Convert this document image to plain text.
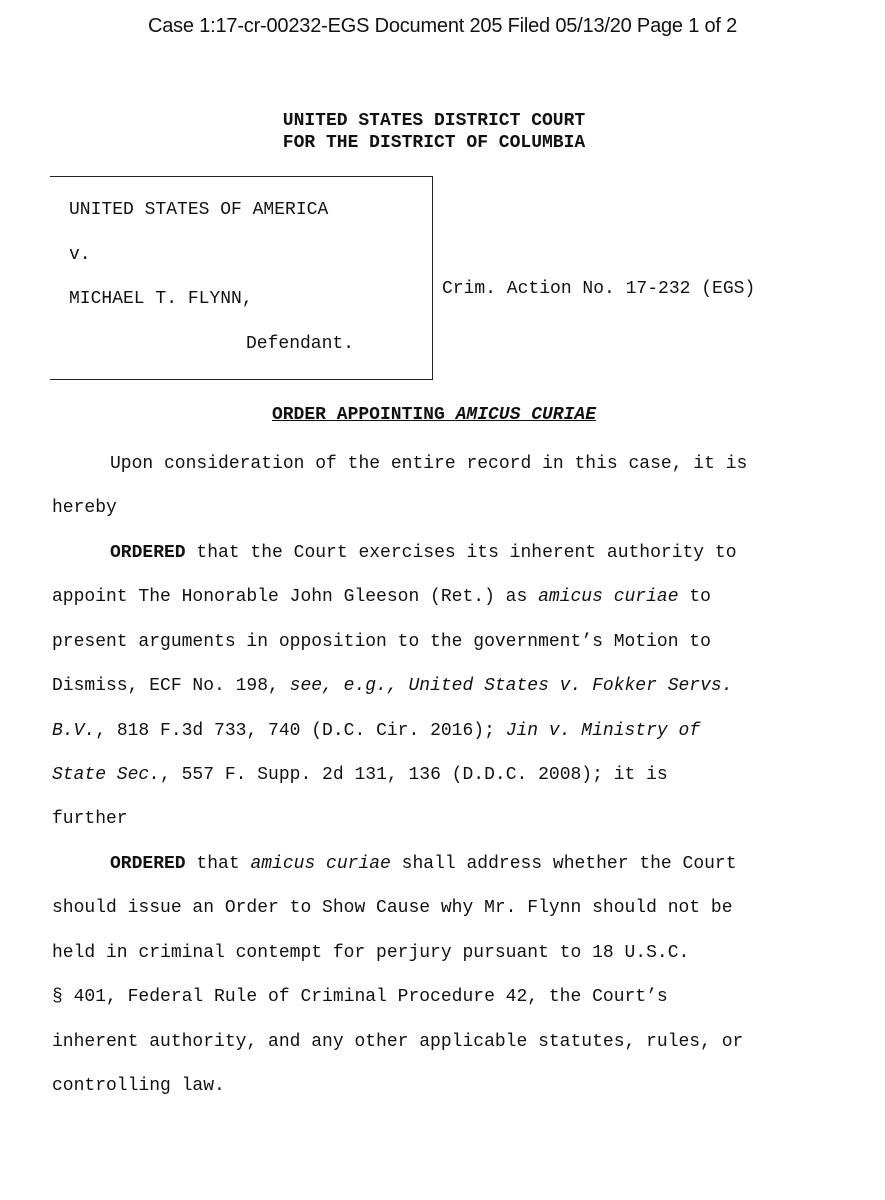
Case 1:17-cr-00232-EGS Document 205 Filed 05/13/20 Page 1 of 2
UNITED STATES DISTRICT COURT
FOR THE DISTRICT OF COLUMBIA
UNITED STATES OF AMERICA
v.
MICHAEL T. FLYNN,
Defendant.
Crim. Action No. 17-232 (EGS)
ORDER APPOINTING AMICUS CURIAE
Upon consideration of the entire record in this case, it is
hereby
ORDERED that the Court exercises its inherent authority to
appoint The Honorable John Gleeson (Ret.) as amicus curiae to
present arguments in opposition to the government’s Motion to
Dismiss, ECF No. 198, see, e.g., United States v. Fokker Servs.
B.V., 818 F.3d 733, 740 (D.C. Cir. 2016); Jin v. Ministry of
State Sec., 557 F. Supp. 2d 131, 136 (D.D.C. 2008); it is
further
ORDERED that amicus curiae shall address whether the Court
should issue an Order to Show Cause why Mr. Flynn should not be
held in criminal contempt for perjury pursuant to 18 U.S.C.
§ 401, Federal Rule of Criminal Procedure 42, the Court’s
inherent authority, and any other applicable statutes, rules, or
controlling law.
